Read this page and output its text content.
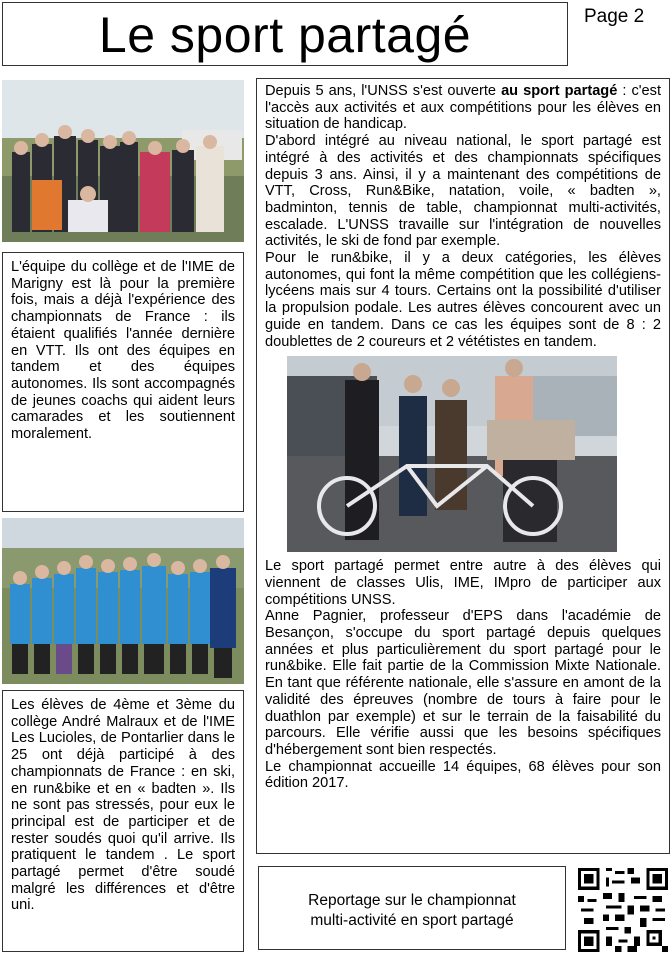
Le sport partagé	Page 2

L'équipe du collège et de l'IME de Marigny est là pour la première fois, mais a déjà l'expérience des championnats de France : ils étaient qualifiés l'année dernière en VTT. Ils ont des équipes en tandem et des équipes autonomes. Ils sont accompagnés de jeunes coachs qui aident leurs camarades et les soutiennent moralement.

Les élèves de 4ème et 3ème du collège André Malraux et de l'IME Les Lucioles, de Pontarlier dans le 25 ont déjà participé à des championnats de France : en ski, en run&bike et en « badten ». Ils ne sont pas stressés, pour eux le principal est de participer et de rester soudés quoi qu'il arrive. Ils pratiquent le tandem . Le sport partagé permet d'être soudé malgré les différences et d'être uni.

Depuis 5 ans, l'UNSS s'est ouverte au sport partagé : c'est l'accès aux activités et aux compétitions pour les élèves en situation de handicap.

D'abord intégré au niveau national, le sport partagé est intégré à des activités et des championnats spécifiques depuis 3 ans. Ainsi, il y a maintenant des compétitions de VTT, Cross, Run&Bike, natation, voile, « badten », badminton, tennis de table, championnat multi-activités, escalade. L'UNSS travaille sur l'intégration de nouvelles activités, le ski de fond par exemple.

Pour le run&bike, il y a deux catégories, les élèves autonomes, qui font la même compétition que les collégiens-lycéens mais sur 4 tours. Certains ont la possibilité d'utiliser la propulsion podale. Les autres élèves concourent avec un guide en tandem. Dans ce cas les équipes sont de 8 : 2 doublettes de 2 coureurs et 2 vététistes en tandem.

Le sport partagé permet entre autre à des élèves qui viennent de classes Ulis, IME, IMpro de participer aux compétitions UNSS.

Anne Pagnier, professeur d'EPS dans l'académie de Besançon, s'occupe du sport partagé depuis quelques années et plus particulièrement du sport partagé pour le run&bike. Elle fait partie de la Commission Mixte Nationale. En tant que référente nationale, elle s'assure en amont de la validité des épreuves (nombre de tours à faire pour le duathlon par exemple) et sur le terrain de la faisabilité du parcours. Elle vérifie aussi que les besoins spécifiques d'hébergement sont bien respectés.

Le championnat accueille 14 équipes, 68 élèves pour son édition 2017.

Reportage sur le championnat
multi-activité en sport partagé
